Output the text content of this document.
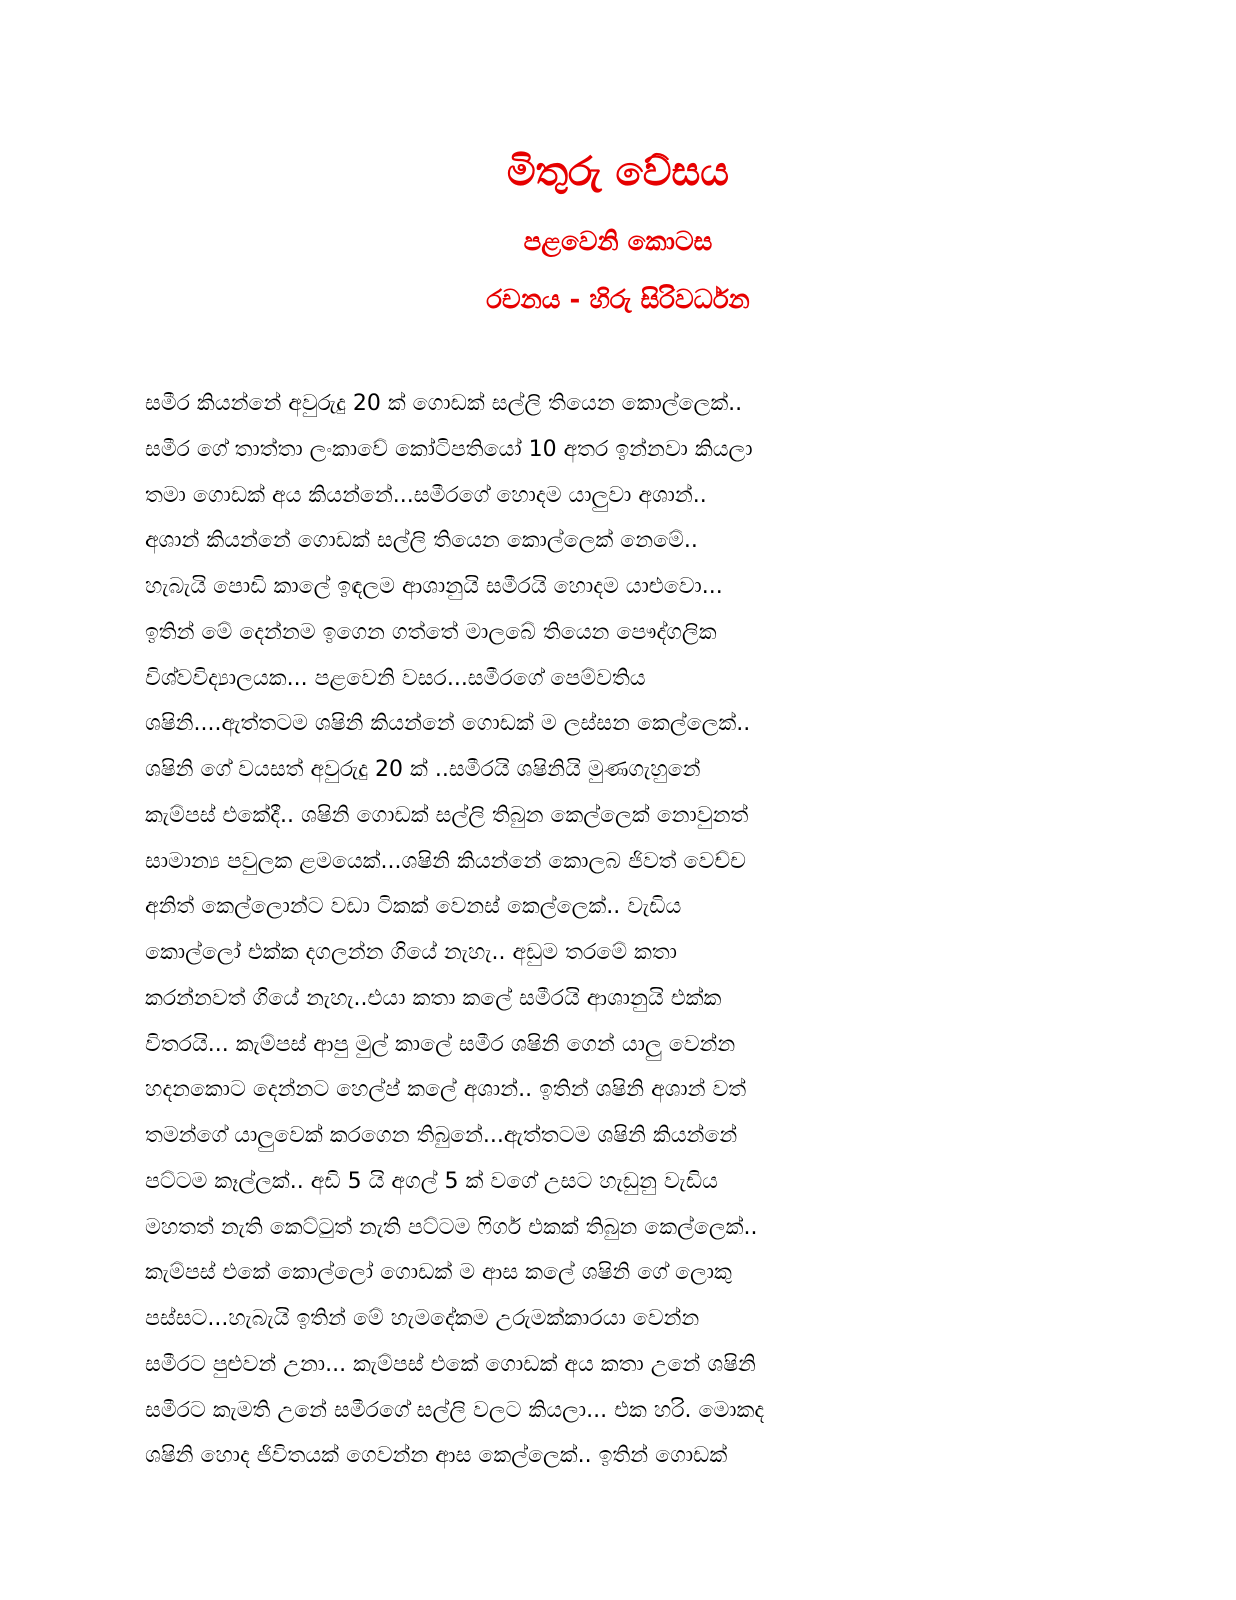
මිතුරු වේසය
පළවෙනි කොටස
රචනය - හිරු සිරිවර්ධන
සමීර කියන්නේ අවුරුදු 20 ක් ගොඩක් සල්ලි තියෙන කොල්ලෙක්..
සමීර ගේ තාත්තා ලංකාවේ කෝටිපතියෝ 10 අතර ඉන්නවා කියලා
තමා ගොඩක් අය කියන්නේ...සමීරගේ හොදම යාලුවා අශාන්..
අශාන් කියන්නේ ගොඩක් සල්ලි තියෙන කොල්ලෙක් නෙමේ..
හැබැයි පොඩි කාලේ ඉඳලම ආශානුයි සමීරයි හොදම යාළුවො...
ඉතින් මේ දෙන්නම ඉගෙන ගත්තේ මාලබේ තියෙන පෞද්ගලික
විශ්වවිද්‍යාලයක... පළවෙනි වසර...සමීරගේ පෙම්වතිය
ශෂිනි....ඇත්තටම ශෂිනි කියන්නේ ගොඩක් ම ලස්සන කෙල්ලෙක්..
ශෂිනි ගේ වයසත් අවුරුදු 20 ක් ..සමීරයි ශෂිනියි මුණගැහුනේ
කැම්පස් එකේදී.. ශෂිනි ගොඩක් සල්ලි තිබුන කෙල්ලෙක් නොවුනත්
සාමාන්‍ය පවුලක ළමයෙක්...ශෂිනි කියන්නේ කොලබ ජිවත් වෙච්ච
අනිත් කෙල්ලොන්ට වඩා ටිකක් වෙනස් කෙල්ලෙක්.. වැඩිය
කොල්ලෝ එක්ක දගලන්න ගියේ නැහැ.. අඩුම තරමේ කතා
කරන්නවත් ගියේ නැහැ..එයා කතා කලේ සමීරයි ආශානුයි එක්ක
විතරයි... කැම්පස් ආපු මුල් කාලේ සමීර ශෂිනි ගෙන් යාලු වෙන්න
හදනකොට දෙන්නට හෙල්ප් කලේ අශාන්.. ඉතින් ශෂිනි අශාන් වත්
තමන්ගේ යාලුවෙක් කරගෙන තිබුනේ...ඇත්තටම ශෂිනි කියන්නේ
පට්ටම කෑල්ලක්.. අඩි 5 යි අගල් 5 ක් වගේ උසට හැඩුනු වැඩිය
මහතත් නැති කෙට්ටුත් නැති පට්ටම ෆිගර් එකක් තිබුන කෙල්ලෙක්..
කැම්පස් එකේ කොල්ලෝ ගොඩක් ම ආස කලේ ශෂිනි ගේ ලොකු
පස්සට...හැබැයි ඉතින් මේ හැමදේකම උරුමක්කාරයා වෙන්න
සමීරට පුළුවන් උනා... කැම්පස් එකේ ගොඩක් අය කතා උනේ ශෂිනි
සමීරට කැමති උනේ සමීරගේ සල්ලි වලට කියලා... එක හරි. මොකද
ශෂිනි හොද ජිවිතයක් ගෙවන්න ආස කෙල්ලෙක්.. ඉතින් ගොඩක්
